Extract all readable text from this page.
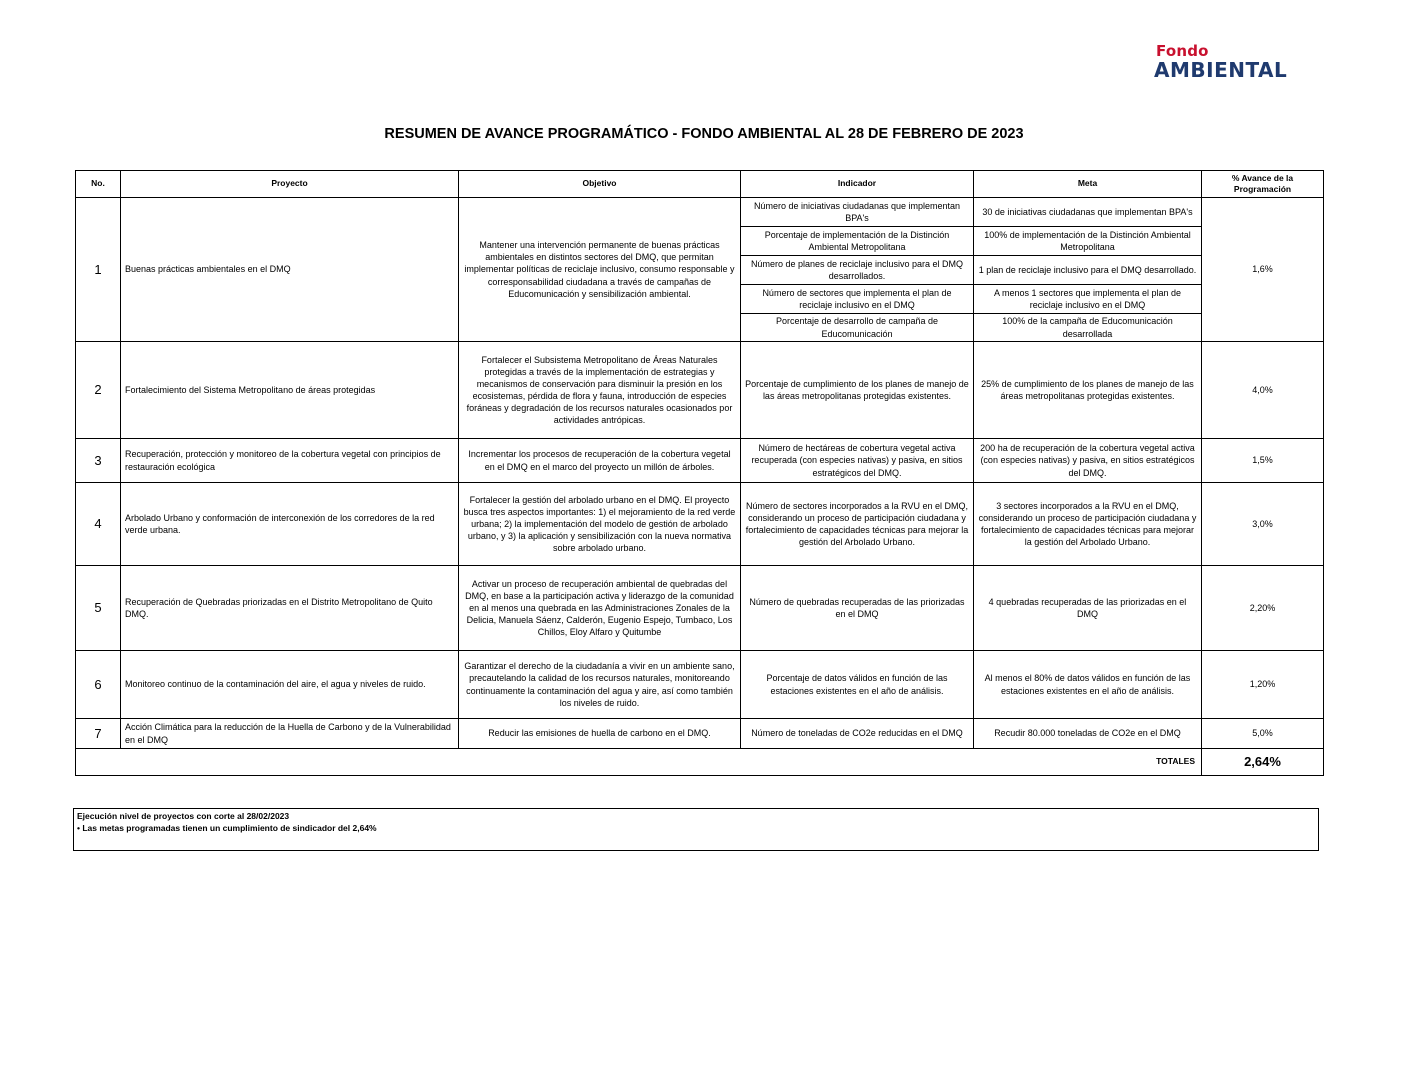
Fondo
AMBIENTAL
RESUMEN DE AVANCE PROGRAMÁTICO - FONDO AMBIENTAL AL 28 DE FEBRERO DE 2023
No.	Proyecto	Objetivo	Indicador	Meta	% Avance de la Programación
1	Buenas prácticas ambientales en el DMQ	Mantener una intervención permanente de buenas prácticas ambientales en distintos sectores del DMQ, que permitan implementar políticas de reciclaje inclusivo, consumo responsable y corresponsabilidad ciudadana a través de campañas de Educomunicación y sensibilización ambiental.	Número de iniciativas ciudadanas que implementan BPA's	30 de iniciativas ciudadanas que implementan BPA's	1,6%
			Porcentaje de implementación de la Distinción Ambiental Metropolitana	100% de implementación de la Distinción Ambiental Metropolitana	
			Número de planes de reciclaje inclusivo para el DMQ desarrollados.	1 plan de reciclaje inclusivo para el DMQ desarrollado.	
			Número de sectores que implementa el plan de reciclaje inclusivo en el DMQ	A menos 1 sectores que implementa el plan de reciclaje inclusivo en el DMQ	
			Porcentaje de desarrollo de campaña de Educomunicación	100% de la campaña de Educomunicación desarrollada	
2	Fortalecimiento del Sistema Metropolitano de áreas protegidas	Fortalecer el Subsistema Metropolitano de Áreas Naturales protegidas a través de la implementación de estrategias y mecanismos de conservación para disminuir la presión en los ecosistemas, pérdida de flora y fauna, introducción de especies foráneas y degradación de los recursos naturales ocasionados por actividades antrópicas.	Porcentaje de cumplimiento de los planes de manejo de las áreas metropolitanas protegidas existentes.	25% de cumplimiento de los planes de manejo de las áreas metropolitanas protegidas existentes.	4,0%
3	Recuperación, protección y monitoreo de la cobertura vegetal con principios de restauración ecológica	Incrementar los procesos de recuperación de la cobertura vegetal en el DMQ en el marco del proyecto un millón de árboles.	Número de hectáreas de cobertura vegetal activa recuperada (con especies nativas) y pasiva, en sitios estratégicos del DMQ.	200 ha de recuperación de la cobertura vegetal activa (con especies nativas) y pasiva, en sitios estratégicos del DMQ.	1,5%
4	Arbolado Urbano y conformación de interconexión de los corredores de la red verde urbana.	Fortalecer la gestión del arbolado urbano en el DMQ. El proyecto busca tres aspectos importantes: 1) el mejoramiento de la red verde urbana; 2) la implementación del modelo de gestión de arbolado urbano, y 3) la aplicación y sensibilización con la nueva normativa sobre arbolado urbano.	Número de sectores incorporados a la RVU en el DMQ, considerando un proceso de participación ciudadana y fortalecimiento de capacidades técnicas para mejorar la gestión del Arbolado Urbano.	3 sectores incorporados a la RVU en el DMQ, considerando un proceso de participación ciudadana y fortalecimiento de capacidades técnicas para mejorar la gestión del Arbolado Urbano.	3,0%
5	Recuperación de Quebradas priorizadas en el Distrito Metropolitano de Quito DMQ.	Activar un proceso de recuperación ambiental de quebradas del DMQ, en base a la participación activa y liderazgo de la comunidad en al menos una quebrada en las Administraciones Zonales de la Delicia, Manuela Sáenz, Calderón, Eugenio Espejo, Tumbaco, Los Chillos, Eloy Alfaro y Quitumbe	Número de quebradas recuperadas de las priorizadas en el DMQ	4 quebradas recuperadas de las priorizadas en el DMQ	2,20%
6	Monitoreo continuo de la contaminación del aire, el agua y niveles de ruido.	Garantizar el derecho de la ciudadanía a vivir en un ambiente sano, precautelando la calidad de los recursos naturales, monitoreando continuamente la contaminación del agua y aire, así como también los niveles de ruido.	Porcentaje de datos válidos en función de las estaciones existentes en el año de análisis.	Al menos el 80% de datos válidos en función de las estaciones existentes en el año de análisis.	1,20%
7	Acción Climática para la reducción de la Huella de Carbono y de la Vulnerabilidad en el DMQ	Reducir las emisiones de huella de carbono en el DMQ.	Número de toneladas de CO2e reducidas en el DMQ	Recudir 80.000 toneladas de CO2e en el DMQ	5,0%
TOTALES					2,64%
Ejecución nivel de proyectos con corte al 28/02/2023
• Las metas programadas tienen un cumplimiento de sindicador del 2,64%
